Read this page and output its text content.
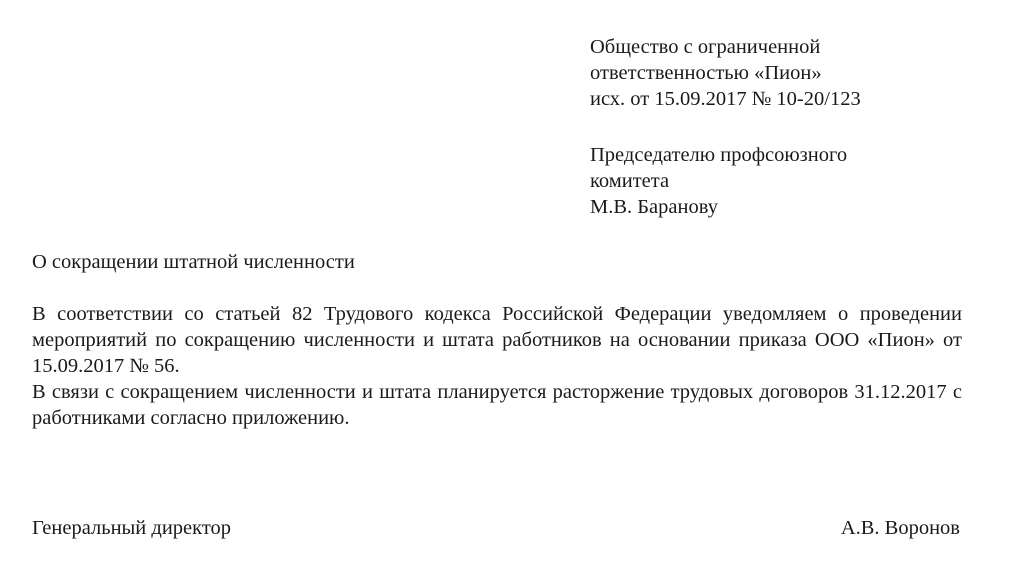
Общество с ограниченной
ответственностью «Пион»
исх. от 15.09.2017 № 10-20/123
Председателю профсоюзного
комитета
М.В. Баранову
О сокращении штатной численности

В соответствии со статьей 82 Трудового кодекса Российской Федерации уведомляем о проведении мероприятий по сокращению численности и штата работников на основании приказа ООО «Пион» от 15.09.2017 № 56.

В связи с сокращением численности и штата планируется расторжение трудовых договоров 31.12.2017 с работниками согласно приложению.

Генеральный директор	А.В. Воронов
